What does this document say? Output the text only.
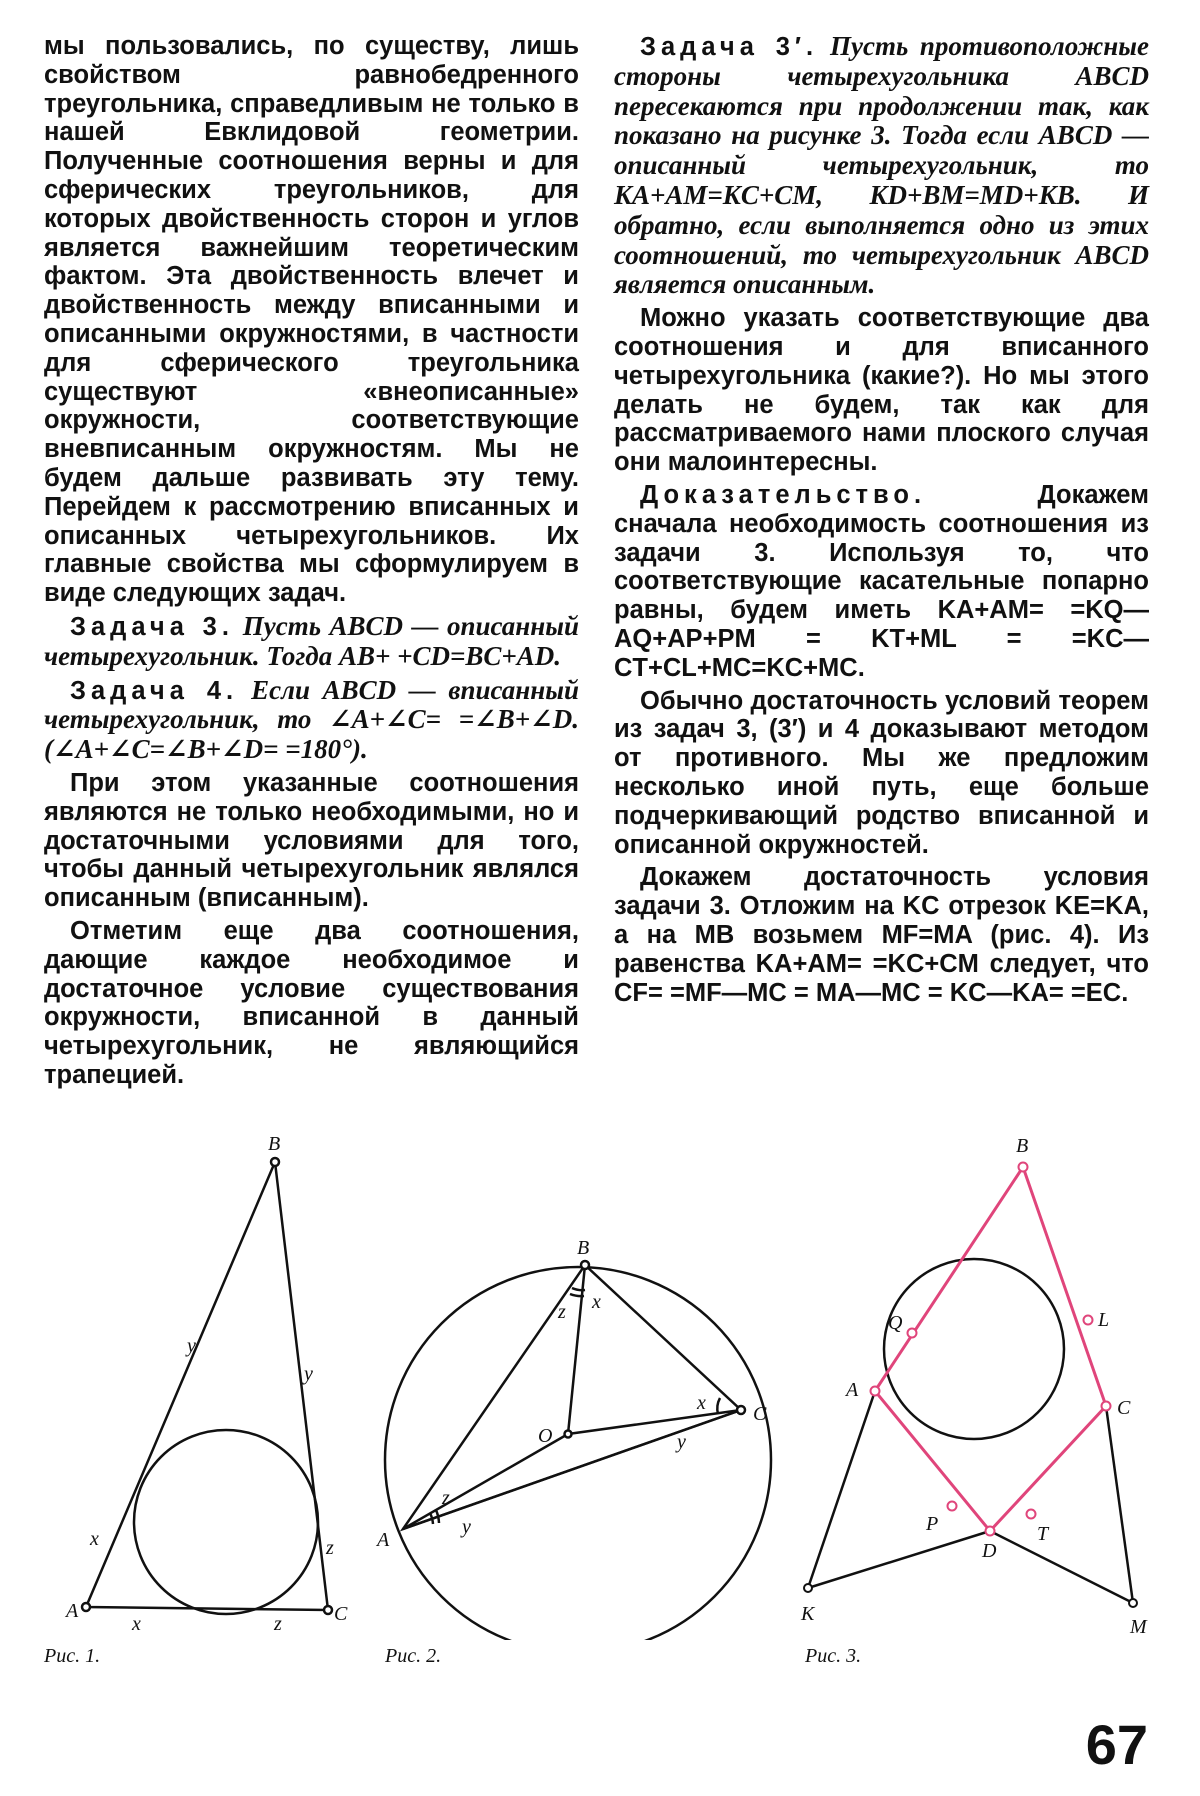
мы пользовались, по существу, лишь свойством равнобедренного треугольника, справедливым не только в нашей Евклидовой геометрии. Полученные соотношения верны и для сферических треугольников, для которых двойственность сторон и углов является важнейшим теоретическим фактом. Эта двойственность влечет и двойственность между вписанными и описанными окружностями, в частности для сферического треугольника существуют «внеописанные» окружности, соответствующие вневписанным окружностям. Мы не будем дальше развивать эту тему. Перейдем к рассмотрению вписанных и описанных четырехугольников. Их главные свойства мы сформулируем в виде следующих задач.

Задача 3. Пусть ABCD — описанный четырехугольник. Тогда AB+ +CD=BC+AD.

Задача 4. Если ABCD — вписанный четырехугольник, то ∠A+∠C= =∠B+∠D. (∠A+∠C=∠B+∠D= =180°).

При этом указанные соотношения являются не только необходимыми, но и достаточными условиями для того, чтобы данный четырехугольник являлся описанным (вписанным).

Отметим еще два соотношения, дающие каждое необходимое и достаточное условие существования окружности, вписанной в данный четырехугольник, не являющийся трапецией.

Задача 3′. Пусть противоположные стороны четырехугольника ABCD пересекаются при продолжении так, как показано на рисунке 3. Тогда если ABCD — описанный четырехугольник, то KA+AM=KC+CM, KD+BM=MD+KB. И обратно, если выполняется одно из этих соотношений, то четырехугольник ABCD является описанным.

Можно указать соответствующие два соотношения и для вписанного четырехугольника (какие?). Но мы этого делать не будем, так как для рассматриваемого нами плоского случая они малоинтересны.

Доказательство.	Докажем сначала необходимость соотношения из задачи 3. Используя то, что соответствующие касательные попарно равны, будем иметь KA+AM= =KQ—AQ+AP+PM = KT+ML = =KC—CT+CL+MC=KC+MC.

Обычно достаточность условий теорем из задач 3, (3′) и 4 доказывают методом от противного. Мы же предложим несколько иной путь, еще больше подчеркивающий родство вписанной и описанной окружностей.

Докажем достаточность условия задачи 3. Отложим на KC отрезок KE=KA, а на MB возьмем MF=MA (рис. 4). Из равенства KA+AM= =KC+CM следует, что CF= =MF—MC = MA—MC = KC—KA= =EC.

A
B
C
x
x
y
y
z
z
A
B
C
O
x
x
y
y
z
z
B
A
C
D
K
M
P
Q	L
T
Рис. 1.	Рис. 2.	Рис. 3.
67
